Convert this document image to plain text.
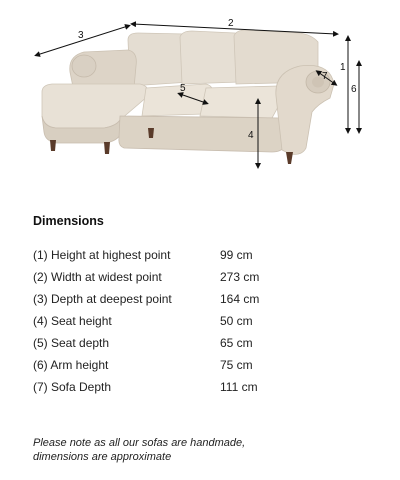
2
3
1
6
4
5
7
Dimensions
(1) Height at highest point	99 cm
(2) Width at widest point	273 cm
(3) Depth at deepest point	164 cm
(4) Seat height	50 cm
(5) Seat depth	65 cm
(6) Arm height	75 cm
(7) Sofa Depth	111 cm
Please note as all our sofas are handmade,
dimensions are approximate
